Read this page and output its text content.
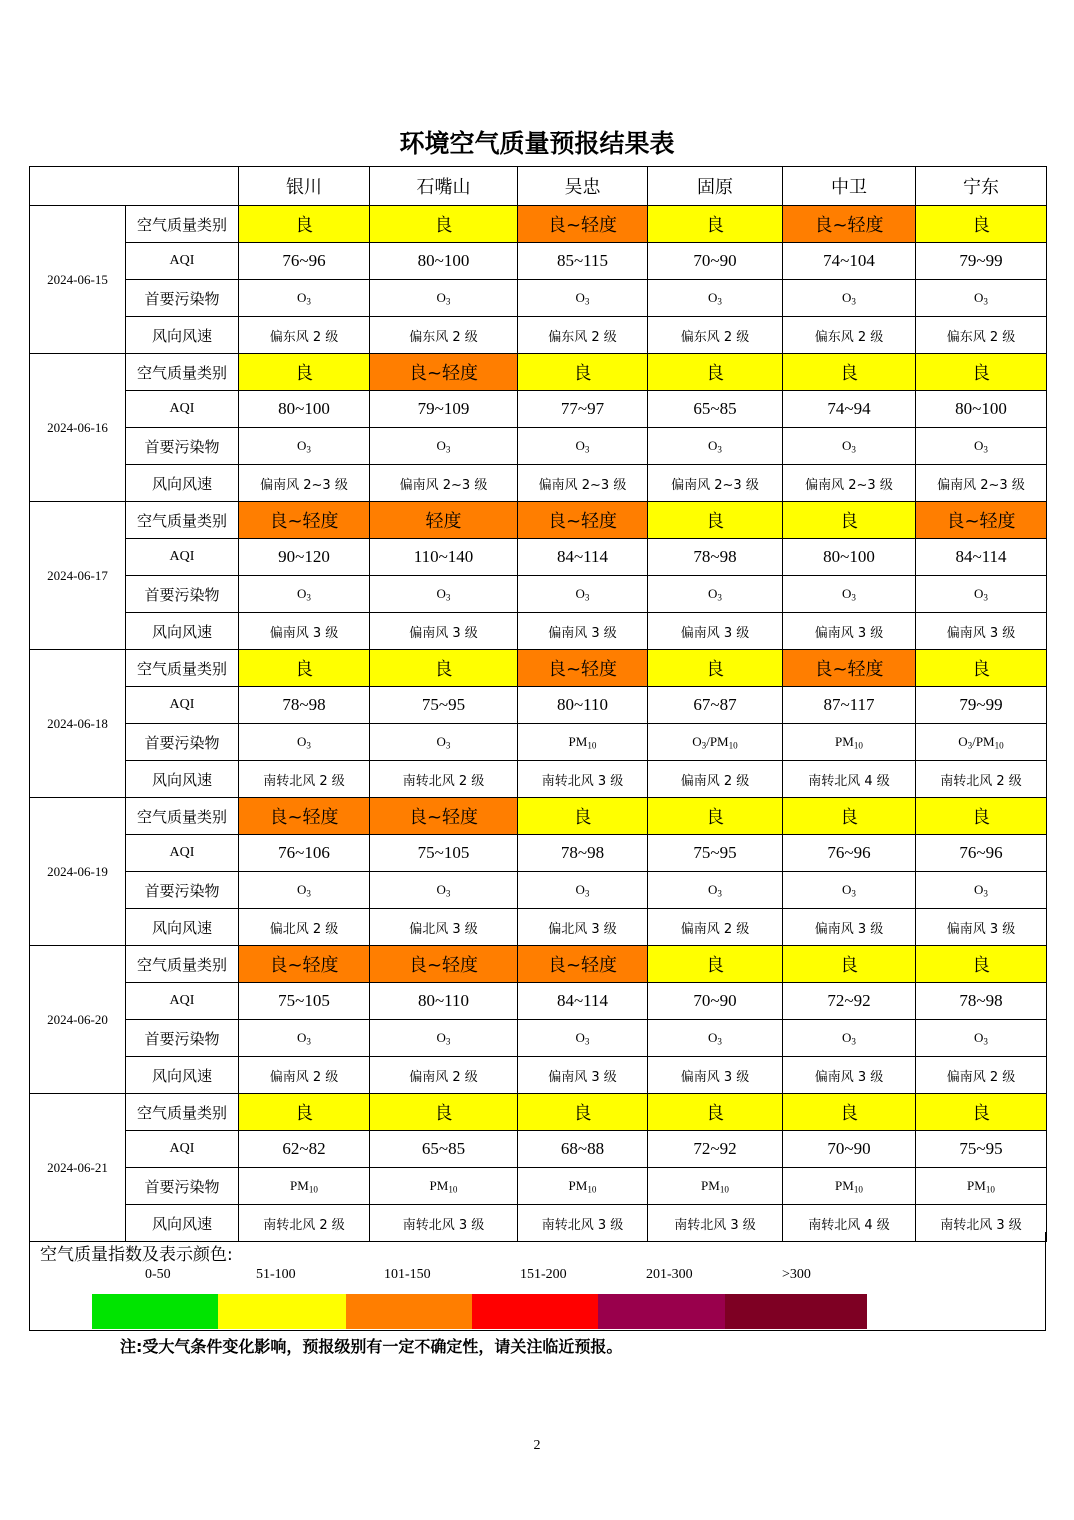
环境空气质量预报结果表
		银川	石嘴山	吴忠	固原	中卫	宁东
2024-06-15	空气质量类别	良	良	良~轻度	良	良~轻度	良
	AQI	76~96	80~100	85~115	70~90	74~104	79~99
	首要污染物	$O_3$	$O_3$	$O_3$	$O_3$	$O_3$	$O_3$
	风向风速	偏东风 2 级	偏东风 2 级	偏东风 2 级	偏东风 2 级	偏东风 2 级	偏东风 2 级
2024-06-16	空气质量类别	良	良~轻度	良	良	良	良
	AQI	80~100	79~109	77~97	65~85	74~94	80~100
	首要污染物	$O_3$	$O_3$	$O_3$	$O_3$	$O_3$	$O_3$
	风向风速	偏南风 2~3 级	偏南风 2~3 级	偏南风 2~3 级	偏南风 2~3 级	偏南风 2~3 级	偏南风 2~3 级
2024-06-17	空气质量类别	良~轻度	轻度	良~轻度	良	良	良~轻度
	AQI	90~120	110~140	84~114	78~98	80~100	84~114
	首要污染物	$O_3$	$O_3$	$O_3$	$O_3$	$O_3$	$O_3$
	风向风速	偏南风 3 级	偏南风 3 级	偏南风 3 级	偏南风 3 级	偏南风 3 级	偏南风 3 级
2024-06-18	空气质量类别	良	良	良~轻度	良	良~轻度	良
	AQI	78~98	75~95	80~110	67~87	87~117	79~99
	首要污染物	$O_3$	$O_3$	$PM_{10}$	$O_3/PM_{10}$	$PM_{10}$	$O_3/PM_{10}$
	风向风速	南转北风 2 级	南转北风 2 级	南转北风 3 级	偏南风 2 级	南转北风 4 级	南转北风 2 级
2024-06-19	空气质量类别	良~轻度	良~轻度	良	良	良	良
	AQI	76~106	75~105	78~98	75~95	76~96	76~96
	首要污染物	$O_3$	$O_3$	$O_3$	$O_3$	$O_3$	$O_3$
	风向风速	偏北风 2 级	偏北风 3 级	偏北风 3 级	偏南风 2 级	偏南风 3 级	偏南风 3 级
2024-06-20	空气质量类别	良~轻度	良~轻度	良~轻度	良	良	良
	AQI	75~105	80~110	84~114	70~90	72~92	78~98
	首要污染物	$O_3$	$O_3$	$O_3$	$O_3$	$O_3$	$O_3$
	风向风速	偏南风 2 级	偏南风 2 级	偏南风 3 级	偏南风 3 级	偏南风 3 级	偏南风 2 级
2024-06-21	空气质量类别	良	良	良	良	良	良
	AQI	62~82	65~85	68~88	72~92	70~90	75~95
	首要污染物	$PM_{10}$	$PM_{10}$	$PM_{10}$	$PM_{10}$	$PM_{10}$	$PM_{10}$
	风向风速	南转北风 2 级	南转北风 3 级	南转北风 3 级	南转北风 3 级	南转北风 4 级	南转北风 3 级
空气质量指数及表示颜色:
0-50	51-100	101-150	151-200	201-300	>300
注:受大气条件变化影响，预报级别有一定不确定性，请关注临近预报。
2
